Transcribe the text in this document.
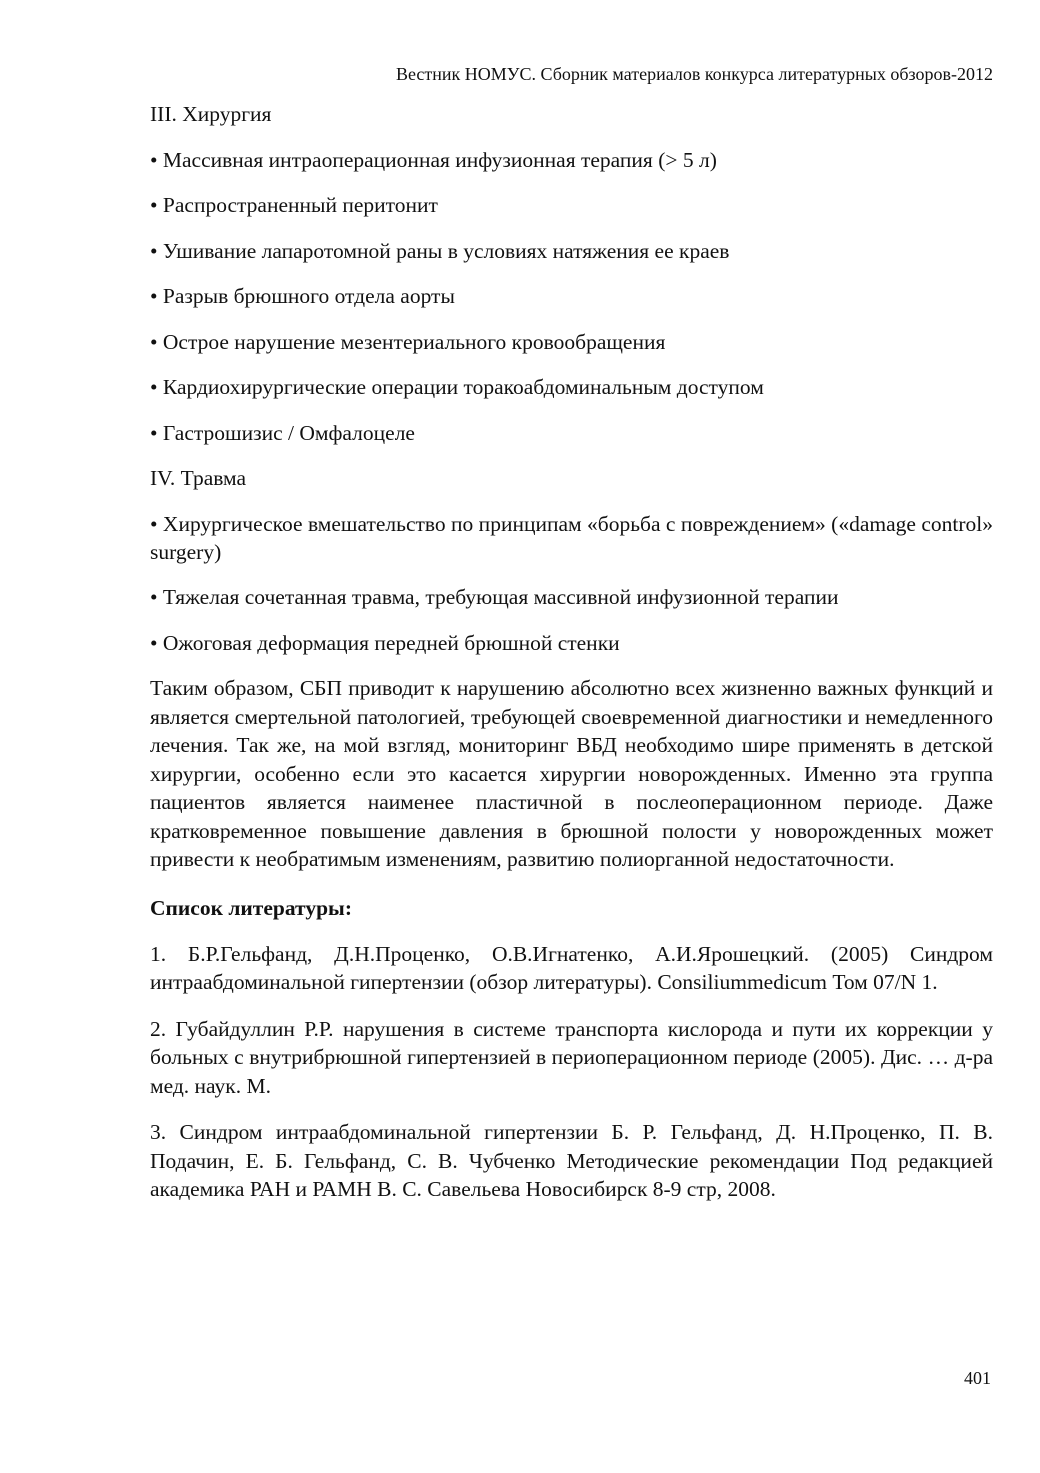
Вестник НОМУС. Сборник материалов конкурса литературных обзоров-2012

III. Хирургия

• Массивная интраоперационная инфузионная терапия (> 5 л)

• Распространенный перитонит

• Ушивание лапаротомной раны в условиях натяжения ее краев

• Разрыв брюшного отдела аорты

• Острое нарушение мезентериального кровообращения

• Кардиохирургические операции торакоабдоминальным доступом

• Гастрошизис / Омфалоцеле

IV. Травма

• Хирургическое вмешательство по принципам «борьба с повреждением» («damage control» surgery)

• Тяжелая сочетанная травма, требующая массивной инфузионной терапии

• Ожоговая деформация передней брюшной стенки

Таким образом, СБП приводит к нарушению абсолютно всех жизненно важных функций и является смертельной патологией, требующей своевременной диагностики и немедленного лечения. Так же, на мой взгляд, мониторинг ВБД необходимо шире применять в детской хирургии, особенно если это касается хирургии новорожденных. Именно эта группа пациентов является наименее пластичной в послеоперационном периоде. Даже кратковременное повышение давления в брюшной полости у новорожденных может привести к необратимым изменениям, развитию полиорганной недостаточности.

Список литературы:

1. Б.Р.Гельфанд, Д.Н.Проценко, О.В.Игнатенко, А.И.Ярошецкий. (2005) Синдром интраабдоминальной гипертензии (обзор литературы). Consiliummedicum Том 07/N 1.

2. Губайдуллин Р.Р. нарушения в системе транспорта кислорода и пути их коррекции у больных с внутрибрюшной гипертензией в периоперационном периоде (2005). Дис. … д-ра мед. наук. М.

3. Синдром интраабдоминальной гипертензии Б. Р. Гельфанд, Д. Н.Проценко, П. В. Подачин, Е. Б. Гельфанд, С. В. Чубченко Методические рекомендации Под редакцией академика РАН и РАМН В. С. Савельева Новосибирск 8-9 стр, 2008.

401
